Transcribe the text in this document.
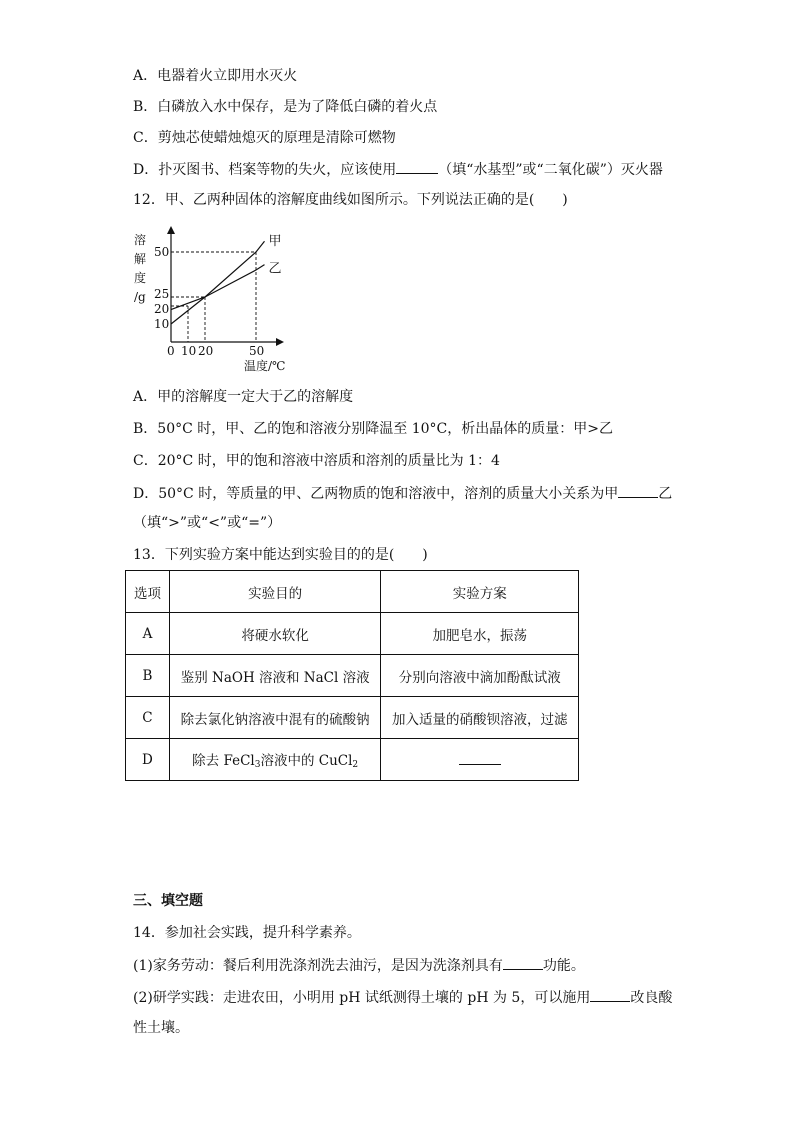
A．电器着火立即用水灭火
B．白磷放入水中保存，是为了降低白磷的着火点
C．剪烛芯使蜡烛熄灭的原理是清除可燃物
D．扑灭图书、档案等物的失火，应该使用	（填“水基型”或“二氧化碳”）灭火器
12．甲、乙两种固体的溶解度曲线如图所示。下列说法正确的是(　　)
溶
解
度
/g
温度/℃
0 10 20	50
10
20
25
50
甲
乙
A．甲的溶解度一定大于乙的溶解度
B．50°C 时，甲、乙的饱和溶液分别降温至 10°C，析出晶体的质量：甲>乙
C．20°C 时，甲的饱和溶液中溶质和溶剂的质量比为 1：4
D．50°C 时，等质量的甲、乙两物质的饱和溶液中，溶剂的质量大小关系为甲	乙
（填“>”或“<”或“=”）
13．下列实验方案中能达到实验目的的是(　　)
选项	实验目的	实验方案
A	将硬水软化	加肥皂水，振荡
B	鉴别 NaOH 溶液和 NaCl 溶液	分别向溶液中滴加酚酞试液
C	除去氯化钠溶液中混有的硫酸钠	加入适量的硝酸钡溶液，过滤
D	除去 FeCl$_3$溶液中的 CuCl$_2$	
三、填空题
14．参加社会实践，提升科学素养。
(1)家务劳动：餐后利用洗涤剂洗去油污，是因为洗涤剂具有	功能。
(2)研学实践：走进农田，小明用 pH 试纸测得土壤的 pH 为 5，可以施用	改良酸
性土壤。
